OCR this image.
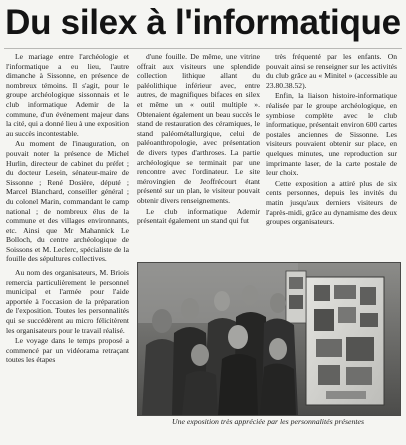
Du silex à l'informatique

Le mariage entre l'archéologie et l'informatique a eu lieu, l'autre dimanche à Sissonne, en présence de nombreux témoins. Il s'agit, pour le groupe archéologique sissonnais et le club informatique Ademir de la commune, d'un événement majeur dans la cité, qui a donné lieu à une exposition au succès incontestable.

Au moment de l'inauguration, on pouvait noter la présence de Michel Hurlin, directeur de cabinet du préfet ; du docteur Lesein, sénateur-maire de Sissonne ; René Dosière, député ; Marcel Blanchard, conseiller général ; du colonel Marin, commandant le camp national ; de nombreux élus de la commune et des villages environnants, etc. Ainsi que Mr Mahannick Le Bolloch, du centre archéologique de Soissons et M. Leclerc, spécialiste de la fouille des sépultures collectives.

Au nom des organisateurs, M. Briois remercia particulièrement le personnel municipal et l'armée pour l'aide apportée à l'occasion de la préparation de l'exposition. Toutes les personnalités qui se succédèrent au micro félicitèrent les organisateurs pour le travail réalisé.

Le voyage dans le temps proposé a commencé par un vidéorama retraçant toutes les étapes

d'une fouille. De même, une vitrine offrait aux visiteurs une splendide collection lithique allant du paléolithique inférieur avec, entre autres, de magnifiques bifaces en silex et même un « outil multiple ». Obtenaient également un beau succès le stand de restauration des céramiques, le stand paléométallurgique, celui de paléoanthropologie, avec présentation de divers types d'arthroses. La partie archéologique se terminait par une rencontre avec l'ordinateur. Le site mérovingien de Jeoffrécourt étant présenté sur un plan, le visiteur pouvait obtenir divers renseignements.

Le club informatique Ademir présentait également un stand qui fut

très fréquenté par les enfants. On pouvait ainsi se renseigner sur les activités du club grâce au « Minitel » (accessible au 23.80.38.52).

Enfin, la liaison histoire-informatique réalisée par le groupe archéologique, en symbiose complète avec le club informatique, présentait environ 600 cartes postales anciennes de Sissonne. Les visiteurs pouvaient obtenir sur place, en quelques minutes, une reproduction sur imprimante laser, de la carte postale de leur choix.

Cette exposition a attiré plus de six cents personnes, depuis les invités du matin jusqu'aux derniers visiteurs de l'après-midi, grâce au dynamisme des deux groupes organisateurs.

Une exposition très appréciée par les personnalités présentes
